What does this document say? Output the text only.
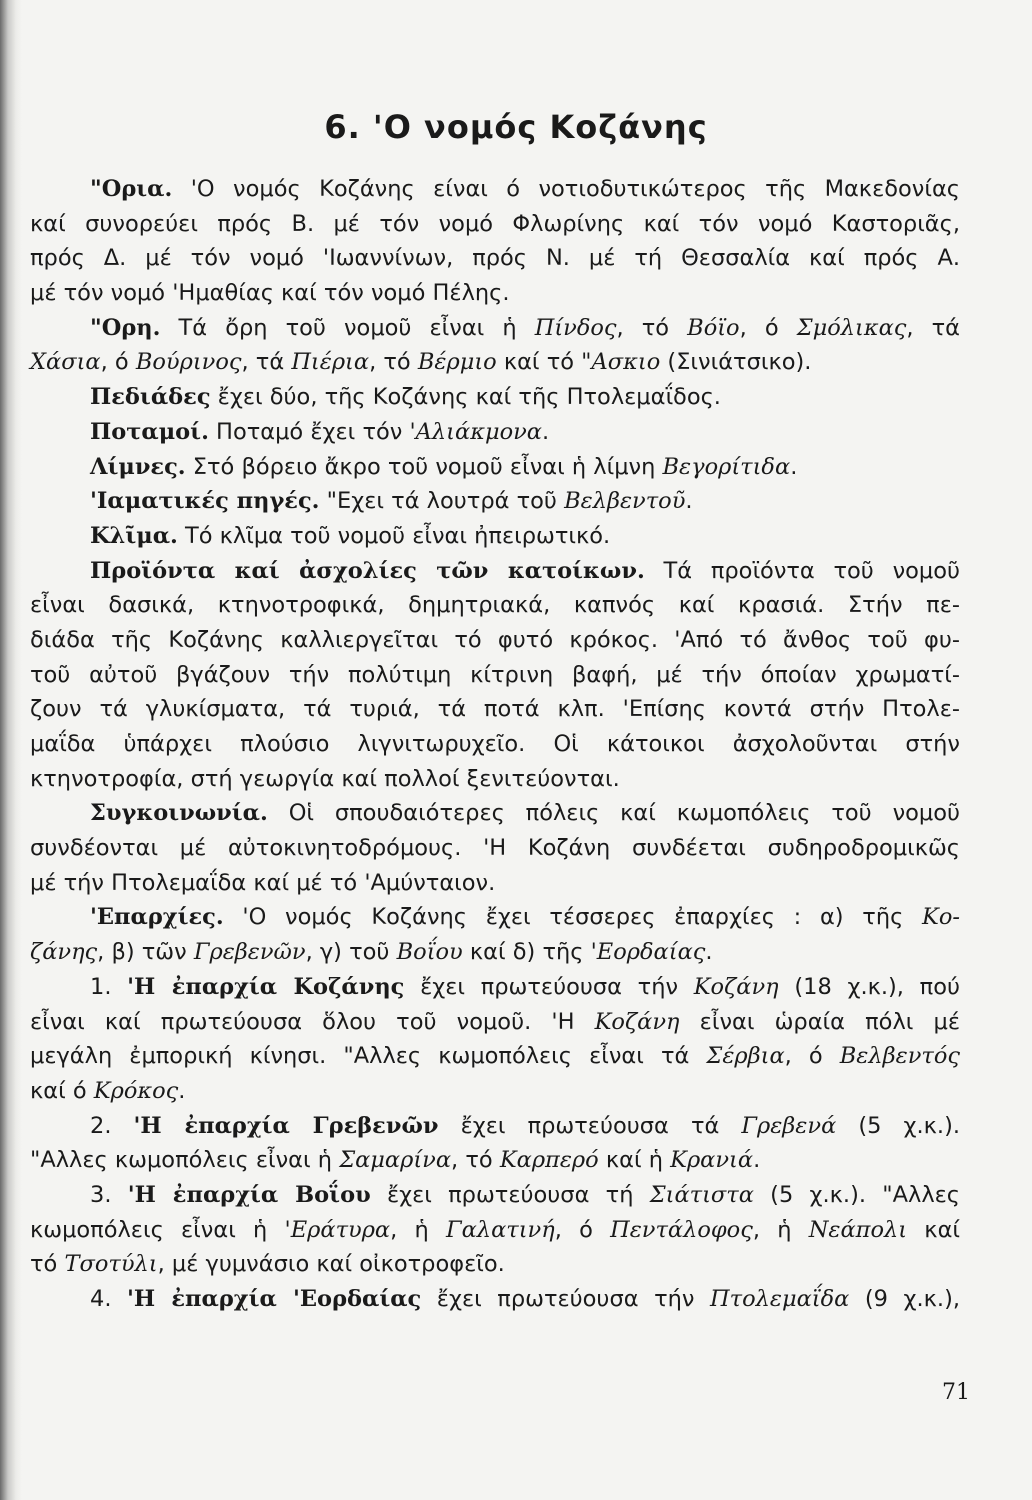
6. 'Ο νομός Κοζάνης
"Ορια. 'Ο νομός Κοζάνης είναι ό νοτιοδυτικώτερος τῆς Μακεδονίας
καί συνορεύει πρός Β. μέ τόν νομό Φλωρίνης καί τόν νομό Καστοριᾶς,
πρός Δ. μέ τόν νομό 'Ιωαννίνων, πρός Ν. μέ τή Θεσσαλία καί πρός Α.
μέ τόν νομό 'Ημαθίας καί τόν νομό Πέλης.
"Ορη. Τά ὄρη τοῦ νομοῦ εἶναι ἡ Πίνδος, τό Βόϊο, ό Σμόλικας, τά
Χάσια, ό Βούρινος, τά Πιέρια, τό Βέρμιο καί τό "Ασκιο (Σινιάτσικο).
Πεδιάδες ἔχει δύο, τῆς Κοζάνης καί τῆς Πτολεμαΐδος.
Ποταμοί. Ποταμό ἔχει τόν 'Αλιάκμονα.
Λίμνες. Στό βόρειο ἄκρο τοῦ νομοῦ εἶναι ἡ λίμνη Βεγορίτιδα.
'Ιαματικές πηγές. "Εχει τά λουτρά τοῦ Βελβεντοῦ.
Κλῖμα. Τό κλῖμα τοῦ νομοῦ εἶναι ἠπειρωτικό.
Προϊόντα καί ἀσχολίες τῶν κατοίκων. Τά προϊόντα τοῦ νομοῦ
εἶναι δασικά, κτηνοτροφικά, δημητριακά, καπνός καί κρασιά. Στήν πε-
διάδα τῆς Κοζάνης καλλιεργεῖται τό φυτό κρόκος. 'Από τό ἄνθος τοῦ φυ-
τοῦ αὐτοῦ βγάζουν τήν πολύτιμη κίτρινη βαφή, μέ τήν όποίαν χρωματί-
ζουν τά γλυκίσματα, τά τυριά, τά ποτά κλπ. 'Επίσης κοντά στήν Πτολε-
μαΐδα ὑπάρχει πλούσιο λιγνιτωρυχεῖο. Οἱ κάτοικοι ἀσχολοῦνται στήν
κτηνοτροφία, στή γεωργία καί πολλοί ξενιτεύονται.
Συγκοινωνία. Οἱ σπουδαιότερες πόλεις καί κωμοπόλεις τοῦ νομοῦ
συνδέονται μέ αὐτοκινητοδρόμους. 'Η Κοζάνη συνδέεται συδηροδρομικῶς
μέ τήν Πτολεμαΐδα καί μέ τό 'Αμύνταιον.
'Επαρχίες. 'Ο νομός Κοζάνης ἔχει τέσσερες ἐπαρχίες : α) τῆς Κο-
ζάνης, β) τῶν Γρεβενῶν, γ) τοῦ Βοΐου καί δ) τῆς 'Εορδαίας.
1. 'Η ἐπαρχία Κοζάνης ἔχει πρωτεύουσα τήν Κοζάνη (18 χ.κ.), πού
εἶναι καί πρωτεύουσα ὅλου τοῦ νομοῦ. 'Η Κοζάνη εἶναι ὡραία πόλι μέ
μεγάλη ἐμπορική κίνησι. "Αλλες κωμοπόλεις εἶναι τά Σέρβια, ό Βελβεντός
καί ό Κρόκος.
2. 'Η ἐπαρχία Γρεβενῶν ἔχει πρωτεύουσα τά Γρεβενά (5 χ.κ.).
"Αλλες κωμοπόλεις εἶναι ἡ Σαμαρίνα, τό Καρπερό καί ἡ Κρανιά.
3. 'Η ἐπαρχία Βοΐου ἔχει πρωτεύουσα τή Σιάτιστα (5 χ.κ.). "Αλλες
κωμοπόλεις εἶναι ἡ 'Εράτυρα, ἡ Γαλατινή, ό Πεντάλοφος, ἡ Νεάπολι καί
τό Τσοτύλι, μέ γυμνάσιο καί οἰκοτροφεῖο.
4. 'Η ἐπαρχία 'Εορδαίας ἔχει πρωτεύουσα τήν Πτολεμαΐδα (9 χ.κ.),
71
